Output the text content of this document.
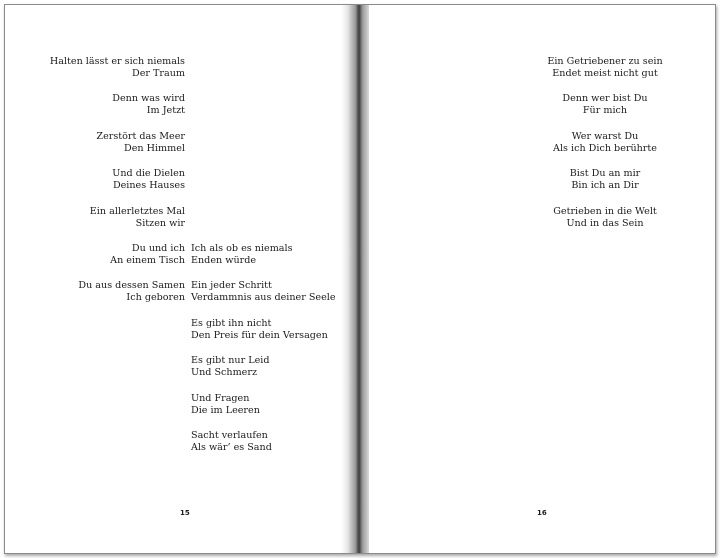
Halten lässt er sich niemals
Der Traum
Denn was wird
Im Jetzt
Zerstört das Meer
Den Himmel
Und die Dielen
Deines Hauses
Ein allerletztes Mal
Sitzen wir
Du und ich
An einem Tisch
Du aus dessen Samen
Ich geboren
Ich als ob es niemals
Enden würde
Ein jeder Schritt
Verdammnis aus deiner Seele
Es gibt ihn nicht
Den Preis für dein Versagen
Es gibt nur Leid
Und Schmerz
Und Fragen
Die im Leeren
Sacht verlaufen
Als wär’ es Sand
15
Ein Getriebener zu sein
Endet meist nicht gut
Denn wer bist Du
Für mich
Wer warst Du
Als ich Dich berührte
Bist Du an mir
Bin ich an Dir
Getrieben in die Welt
Und in das Sein
16
